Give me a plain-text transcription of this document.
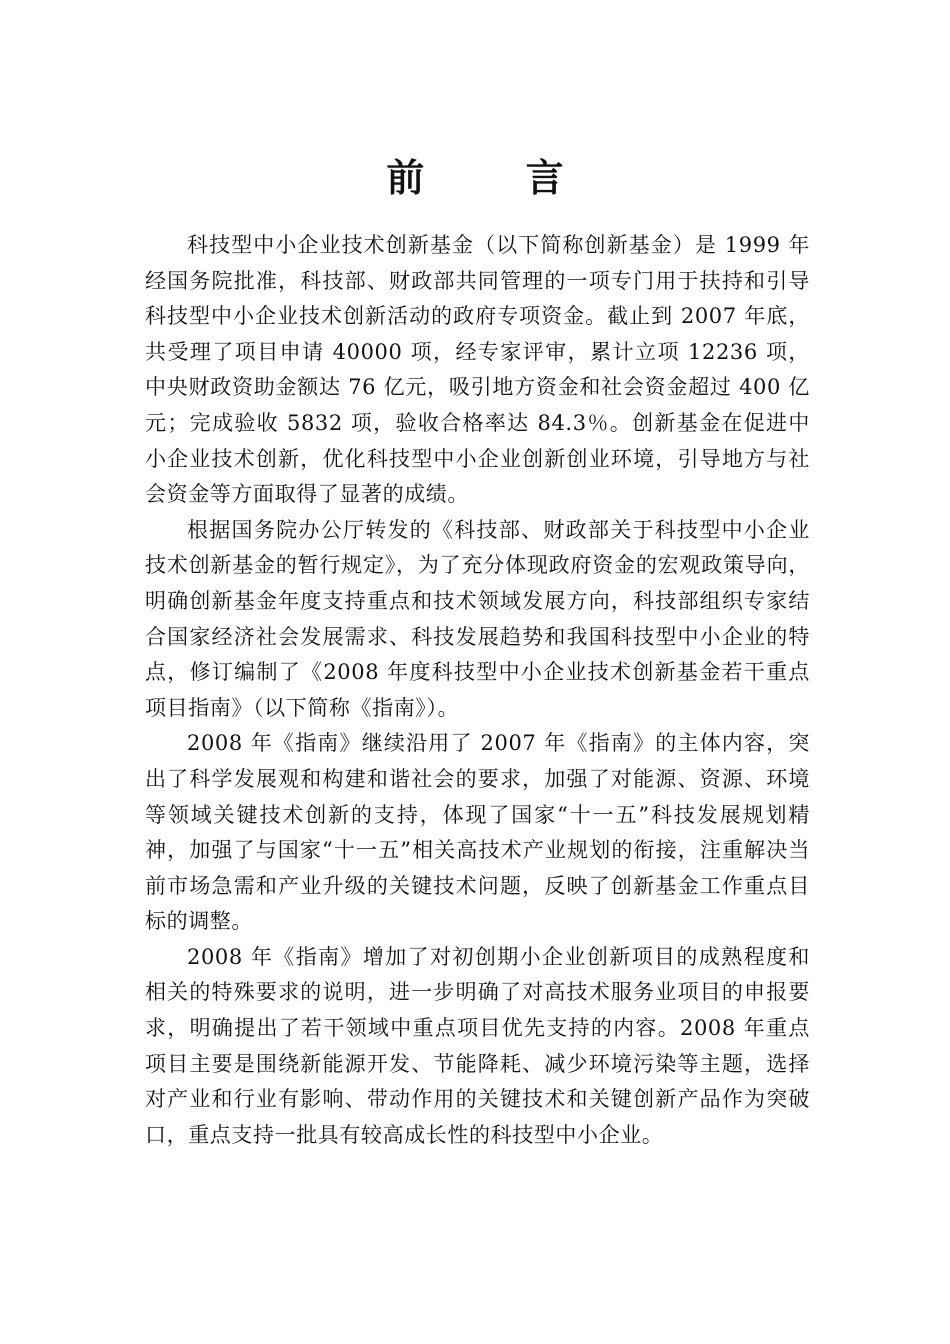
前 言

科技型中小企业技术创新基金（以下简称创新基金）是 1999 年经国务院批准，科技部、财政部共同管理的一项专门用于扶持和引导科技型中小企业技术创新活动的政府专项资金。截止到 2007 年底，共受理了项目申请 40000 项，经专家评审，累计立项 12236 项，中央财政资助金额达 76 亿元，吸引地方资金和社会资金超过 400 亿元；完成验收 5832 项，验收合格率达 84.3％。创新基金在促进中小企业技术创新，优化科技型中小企业创新创业环境，引导地方与社会资金等方面取得了显著的成绩。

根据国务院办公厅转发的《科技部、财政部关于科技型中小企业技术创新基金的暂行规定》，为了充分体现政府资金的宏观政策导向，明确创新基金年度支持重点和技术领域发展方向，科技部组织专家结合国家经济社会发展需求、科技发展趋势和我国科技型中小企业的特点，修订编制了《2008 年度科技型中小企业技术创新基金若干重点项目指南》（以下简称《指南》）。

2008 年《指南》继续沿用了 2007 年《指南》的主体内容，突出了科学发展观和构建和谐社会的要求，加强了对能源、资源、环境等领域关键技术创新的支持，体现了国家“十一五”科技发展规划精神，加强了与国家“十一五”相关高技术产业规划的衔接，注重解决当前市场急需和产业升级的关键技术问题，反映了创新基金工作重点目标的调整。

2008 年《指南》增加了对初创期小企业创新项目的成熟程度和相关的特殊要求的说明，进一步明确了对高技术服务业项目的申报要求，明确提出了若干领域中重点项目优先支持的内容。2008 年重点项目主要是围绕新能源开发、节能降耗、减少环境污染等主题，选择对产业和行业有影响、带动作用的关键技术和关键创新产品作为突破口，重点支持一批具有较高成长性的科技型中小企业。
